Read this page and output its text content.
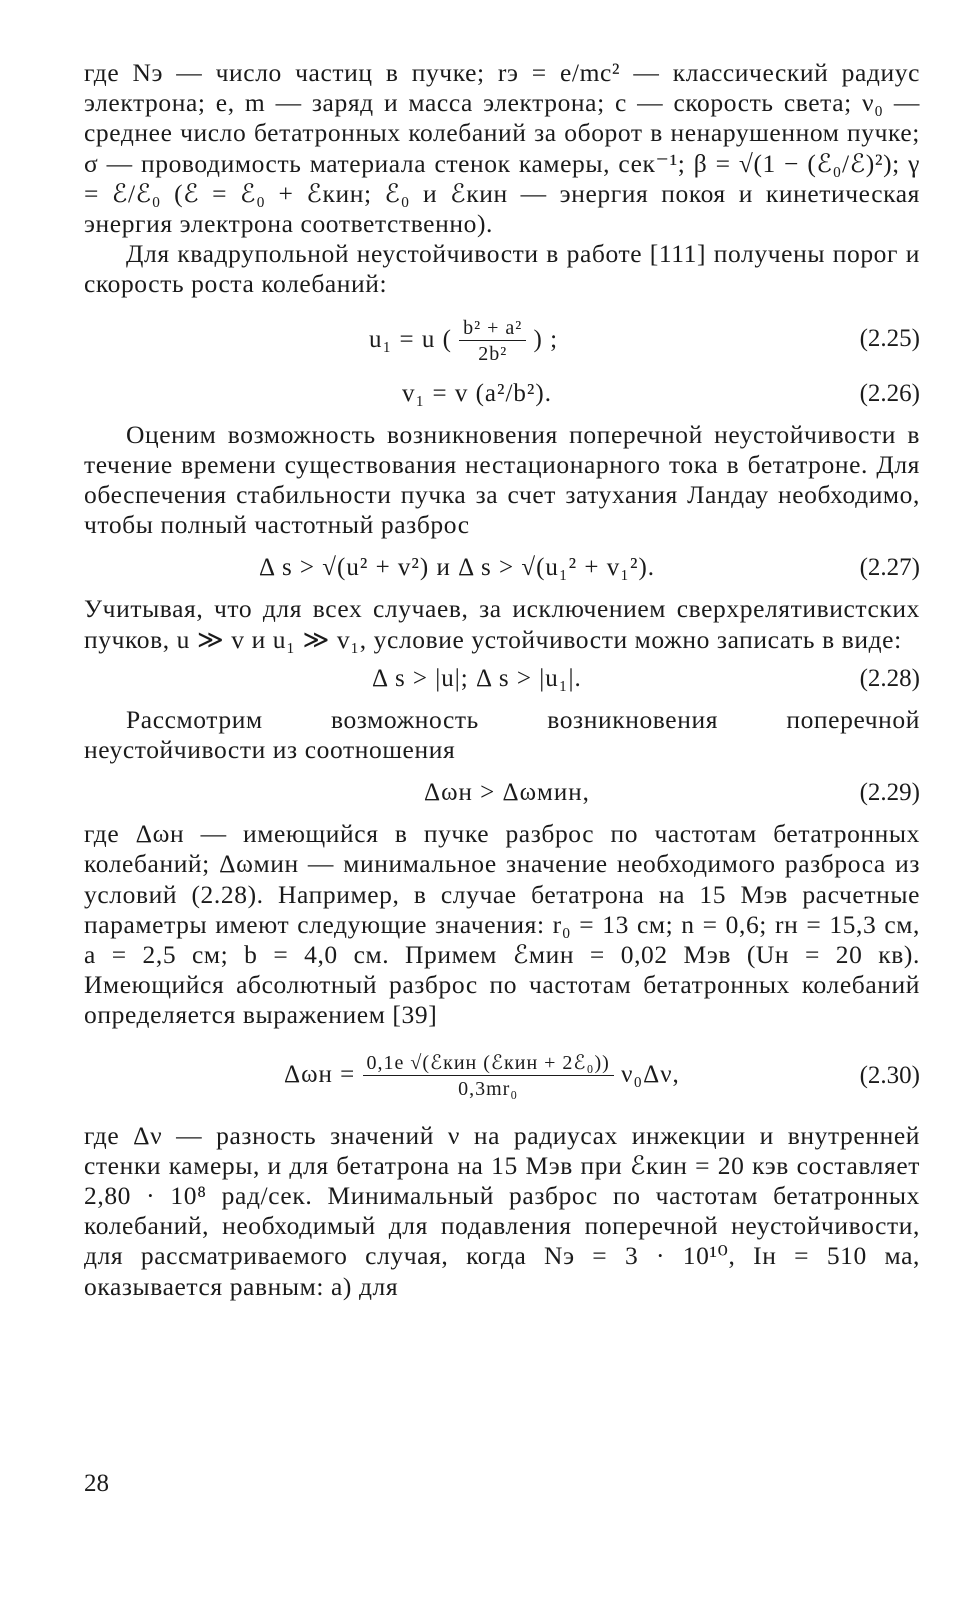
где Nэ — число частиц в пучке; rэ = e/mc² — классический радиус электрона; e, m — заряд и масса электрона; c — скорость света; ν₀ — среднее число бетатронных колебаний за оборот в ненарушенном пучке; σ — проводимость материала стенок камеры, сек⁻¹; β = √(1 − (ℰ₀/ℰ)²); γ = ℰ/ℰ₀ (ℰ = ℰ₀ + ℰкин; ℰ₀ и ℰкин — энергия покоя и кинетическая энергия электрона соответственно).

Для квадрупольной неустойчивости в работе [111] получены порог и скорость роста колебаний:

u₁ = u ( $\frac{\text{b² + a²}}{\text{2b²}}$ ) ;	(2.25)
v₁ = v (a²/b²).	(2.26)

Оценим возможность возникновения поперечной неустойчивости в течение времени существования нестационарного тока в бетатроне. Для обеспечения стабильности пучка за счет затухания Ландау необходимо, чтобы полный частотный разброс

Δ s > √(u² + v²) и Δ s > √(u₁² + v₁²).	(2.27)

Учитывая, что для всех случаев, за исключением сверхрелятивистских пучков, u ≫ v и u₁ ≫ v₁, условие устойчивости можно записать в виде:

Δ s > |u|; Δ s > |u₁|.	(2.28)

Рассмотрим возможность возникновения поперечной неустойчивости из соотношения

Δωн > Δωмин,	(2.29)

где Δωн — имеющийся в пучке разброс по частотам бетатронных колебаний; Δωмин — минимальное значение необходимого разброса из условий (2.28). Например, в случае бетатрона на 15 Мэв расчетные параметры имеют следующие значения: r₀ = 13 см; n = 0,6; rн = 15,3 см, a = 2,5 см; b = 4,0 см. Примем ℰмин = 0,02 Мэв (Uн = 20 кв). Имеющийся абсолютный разброс по частотам бетатронных колебаний определяется выражением [39]

$\Delta\omega н = \frac{\text{0,1e √(ℰкин (ℰкин + 2ℰ₀))}}{\text{0,3mr₀}} \nu_0\Delta\nu$,	(2.30)

где Δν — разность значений ν на радиусах инжекции и внутренней стенки камеры, и для бетатрона на 15 Мэв при ℰкин = 20 кэв составляет 2,80 · 10⁸ рад/сек. Минимальный разброс по частотам бетатронных колебаний, необходимый для подавления поперечной неустойчивости, для рассматриваемого случая, когда Nэ = 3 · 10¹⁰, Iн = 510 ма, оказывается равным: а) для

28
